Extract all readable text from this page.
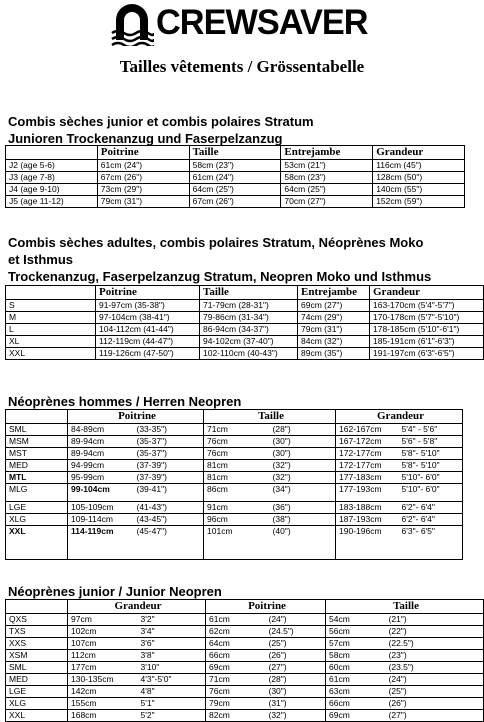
CREWSAVER
Tailles vêtements / Grössentabelle
Combis sèches junior et combis polaires Stratum
Junioren Trockenanzug und Faserpelzanzug
	Poitrine	Taille	Entrejambe	Grandeur
J2 (age 5-6)	61cm (24")	58cm (23")	53cm (21")	116cm (45")
J3 (age 7-8)	67cm (26")	61cm (24")	58cm (23")	128cm (50")
J4 (age 9-10)	73cm (29")	64cm (25")	64cm (25")	140cm (55")
J5 (age 11-12)	79cm (31")	67cm (26")	70cm (27")	152cm (59")
Combis sèches adultes, combis polaires Stratum, Néoprènes Moko
et Isthmus
Trockenanzug, Faserpelzanzug Stratum, Neopren Moko und Isthmus
	Poitrine	Taille	Entrejambe	Grandeur
S	91-97cm (35-38")	71-79cm (28-31")	69cm (27")	163-170cm (5'4"-5'7")
M	97-104cm (38-41")	79-86cm (31-34")	74cm (29")	170-178cm (5'7"-5'10")
L	104-112cm (41-44")	86-94cm (34-37")	79cm (31")	178-185cm (5'10"-6'1")
XL	112-119cm (44-47")	94-102cm (37-40")	84cm (32")	185-191cm (6'1"-6'3")
XXL	119-126cm (47-50")	102-110cm (40-43")	89cm (35")	191-197cm (6'3"-6'5")
Néoprènes hommes / Herren Neopren
	Poitrine		Taille		Grandeur	
SML	84-89cm	(33-35")	71cm	(28")	162-167cm	5'4" - 5'6"
MSM	89-94cm	(35-37")	76cm	(30")	167-172cm	5'6" - 5'8"
MST	89-94cm	(35-37")	76cm	(30")	172-177cm	5'8"- 5'10"
MED	94-99cm	(37-39")	81cm	(32")	172-177cm	5'8"- 5'10"
MTL	95-99cm	(37-39")	81cm	(32")	177-183cm	5'10"- 6'0"
MLG	99-104cm	(39-41")	86cm	(34")	177-193cm	5'10"- 6'0"
LGE	105-109cm	(41-43")	91cm	(36")	183-188cm	6'2"- 6'4"
XLG	109-114cm	(43-45")	96cm	(38")	187-193cm	6'2"- 6'4"
XXL	114-119cm	(45-47")	101cm	(40")	190-196cm	6'3"- 6'5"
Néoprènes junior / Junior Neopren
	Grandeur		Poitrine		Taille	
QXS	97cm	3'2"	61cm	(24")	54cm	(21")
TXS	102cm	3'4"	62cm	(24.5")	56cm	(22")
XXS	107cm	3'6"	64cm	(25")	57cm	(22.5")
XSM	112cm	3'8"	66cm	(26")	58cm	(23")
SML	177cm	3'10"	69cm	(27")	60cm	(23.5")
MED	130-135cm	4'3"-5'0"	71cm	(28")	61cm	(24")
LGE	142cm	4'8"	76cm	(30")	63cm	(25")
XLG	155cm	5'1"	79cm	(31")	66cm	(26")
XXL	168cm	5'2"	82cm	(32")	69cm	(27")
